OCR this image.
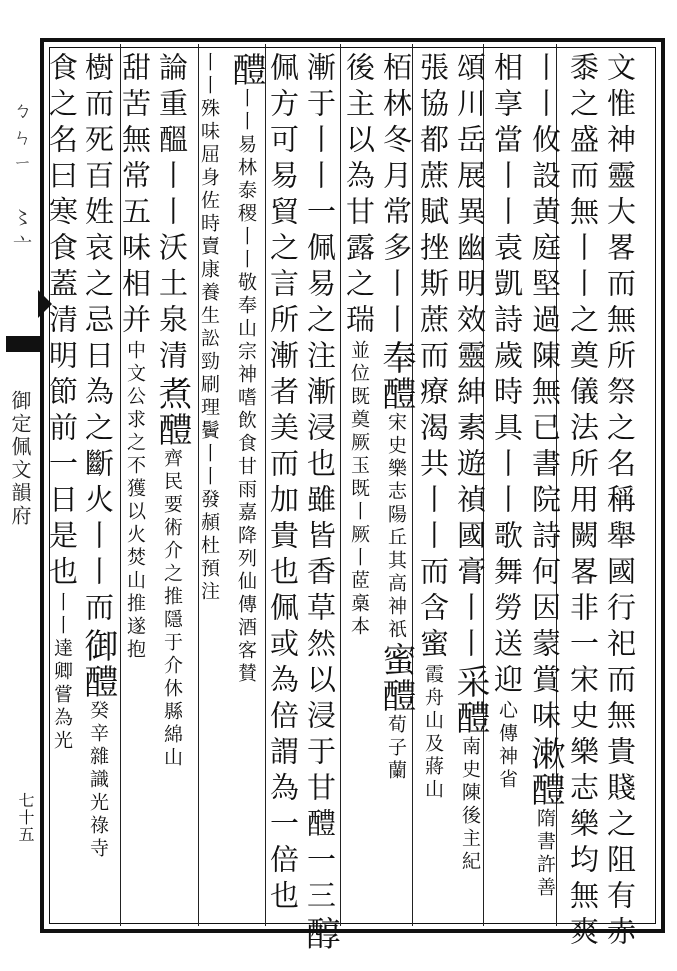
ㄅㄣㄧ 〻亠
御定佩文韻府
七十五	文惟神靈大畧而無所祭之名稱舉國行祀而無貴賤之阻有赤
黍之盛而無丨丨之奠儀法所用闕畧非一宋史樂志樂均無爽
丨丨攸設黄庭堅過陳無已書院詩何因蒙賞味漱醴隋書許善
相享當丨丨袁凱詩歲時具丨丨歌舞勞送迎心傳神省
頌川岳展異幽明效靈紳素遊禎國膏丨丨采醴南史陳後主紀
張協都蔗賦挫斯蔗而療渴共丨丨而含蜜霞舟山及蔣山
栢林冬月常多丨丨奉醴宋史樂志陽丘其高神祇蜜醴荀子蘭
後主以為甘露之瑞並位既奠厥玉既丨厥丨茝槀本
漸于丨丨一佩易之注漸浸也雖皆香草然以浸于甘醴一三醇
佩方可易貿之言所漸者美而加貴也佩或為倍謂為一倍也
醴丨丨易林泰稷丨丨敬奉山宗神嗜飲食甘雨嘉降列仙傳酒客賛
丨丨殊味屈身佐時𧶠康養生訟勁刷理鬢丨丨發頳杜預注
論重醞丨丨沃土泉清煮醴齊民要術介之推隱于介休縣綿山
甜苦無常五味相并中文公求之不獲以火焚山推遂抱
樹而死百姓哀之忌日為之斷火丨丨而御醴癸辛雜識光祿寺
食之名曰寒食蓋清明節前一日是也丨丨達卿嘗為光
